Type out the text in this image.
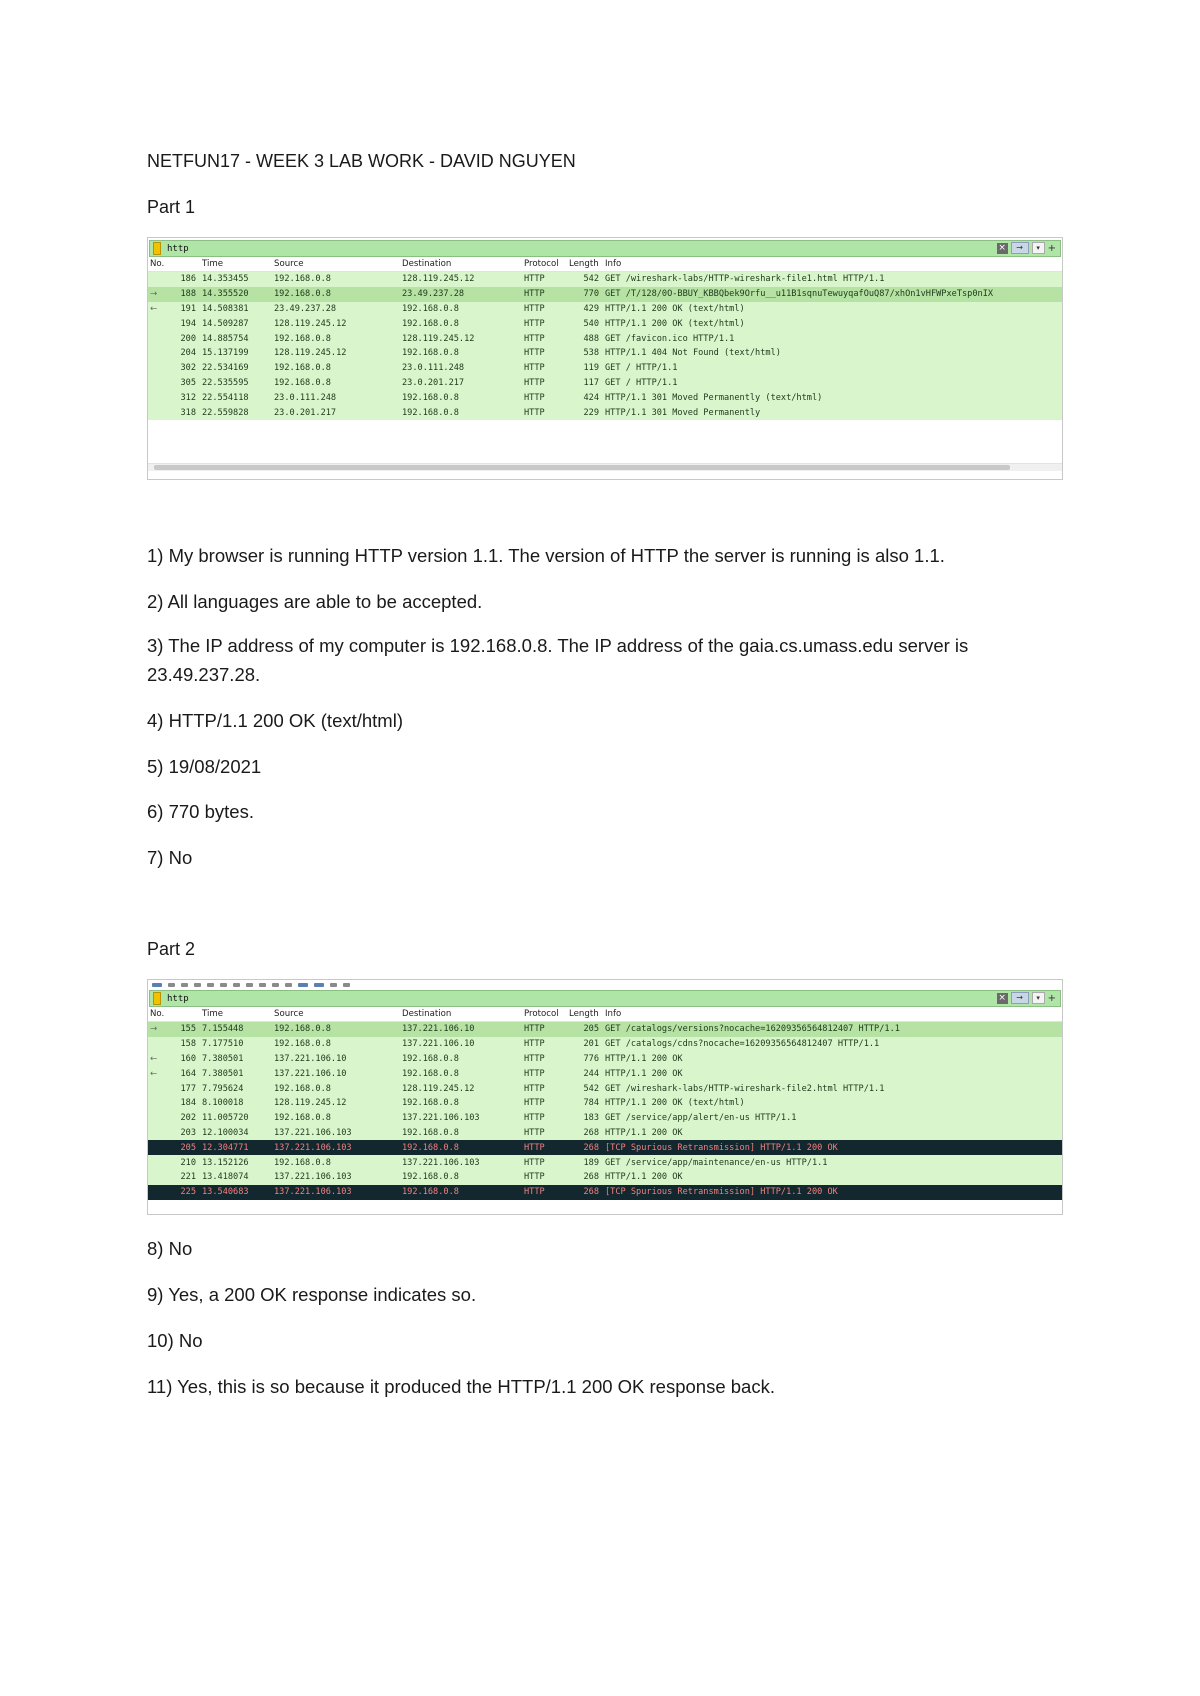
NETFUN17 - WEEK 3 LAB WORK - DAVID NGUYEN
Part 1
http	×	→	▾ +
No.		Time	Source	Destination	Protocol	Length	Info
	186	14.353455	192.168.0.8	128.119.245.12	HTTP	542	GET /wireshark-labs/HTTP-wireshark-file1.html HTTP/1.1
→	188	14.355520	192.168.0.8	23.49.237.28	HTTP	770	GET /T/128/0O-BBUY_KBBQbek9Orfu__u11B1sqnuTewuyqafOuQ87/xhOn1vHFWPxeTsp0nIX
←	191	14.508381	23.49.237.28	192.168.0.8	HTTP	429	HTTP/1.1 200 OK (text/html)
	194	14.509287	128.119.245.12	192.168.0.8	HTTP	540	HTTP/1.1 200 OK (text/html)
	200	14.885754	192.168.0.8	128.119.245.12	HTTP	488	GET /favicon.ico HTTP/1.1
	204	15.137199	128.119.245.12	192.168.0.8	HTTP	538	HTTP/1.1 404 Not Found (text/html)
	302	22.534169	192.168.0.8	23.0.111.248	HTTP	119	GET / HTTP/1.1
	305	22.535595	192.168.0.8	23.0.201.217	HTTP	117	GET / HTTP/1.1
	312	22.554118	23.0.111.248	192.168.0.8	HTTP	424	HTTP/1.1 301 Moved Permanently (text/html)
	318	22.559828	23.0.201.217	192.168.0.8	HTTP	229	HTTP/1.1 301 Moved Permanently
1) My browser is running HTTP version 1.1. The version of HTTP the server is running is also 1.1.
2) All languages are able to be accepted.
3) The IP address of my computer is 192.168.0.8. The IP address of the gaia.cs.umass.edu server is 23.49.237.28.
4) HTTP/1.1 200 OK (text/html)
5) 19/08/2021
6) 770 bytes.
7) No
Part 2
http	×	→	▾ +
No.		Time	Source	Destination	Protocol	Length	Info
→	155	7.155448	192.168.0.8	137.221.106.10	HTTP	205	GET /catalogs/versions?nocache=16209356564812407 HTTP/1.1
	158	7.177510	192.168.0.8	137.221.106.10	HTTP	201	GET /catalogs/cdns?nocache=16209356564812407 HTTP/1.1
←	160	7.380501	137.221.106.10	192.168.0.8	HTTP	776	HTTP/1.1 200 OK
←	164	7.380501	137.221.106.10	192.168.0.8	HTTP	244	HTTP/1.1 200 OK
	177	7.795624	192.168.0.8	128.119.245.12	HTTP	542	GET /wireshark-labs/HTTP-wireshark-file2.html HTTP/1.1
	184	8.100018	128.119.245.12	192.168.0.8	HTTP	784	HTTP/1.1 200 OK (text/html)
	202	11.005720	192.168.0.8	137.221.106.103	HTTP	183	GET /service/app/alert/en-us HTTP/1.1
	203	12.100034	137.221.106.103	192.168.0.8	HTTP	268	HTTP/1.1 200 OK
	205	12.304771	137.221.106.103	192.168.0.8	HTTP	268	[TCP Spurious Retransmission] HTTP/1.1 200 OK
	210	13.152126	192.168.0.8	137.221.106.103	HTTP	189	GET /service/app/maintenance/en-us HTTP/1.1
	221	13.418074	137.221.106.103	192.168.0.8	HTTP	268	HTTP/1.1 200 OK
	225	13.540683	137.221.106.103	192.168.0.8	HTTP	268	[TCP Spurious Retransmission] HTTP/1.1 200 OK
8) No
9) Yes, a 200 OK response indicates so.
10) No
11) Yes, this is so because it produced the HTTP/1.1 200 OK response back.
